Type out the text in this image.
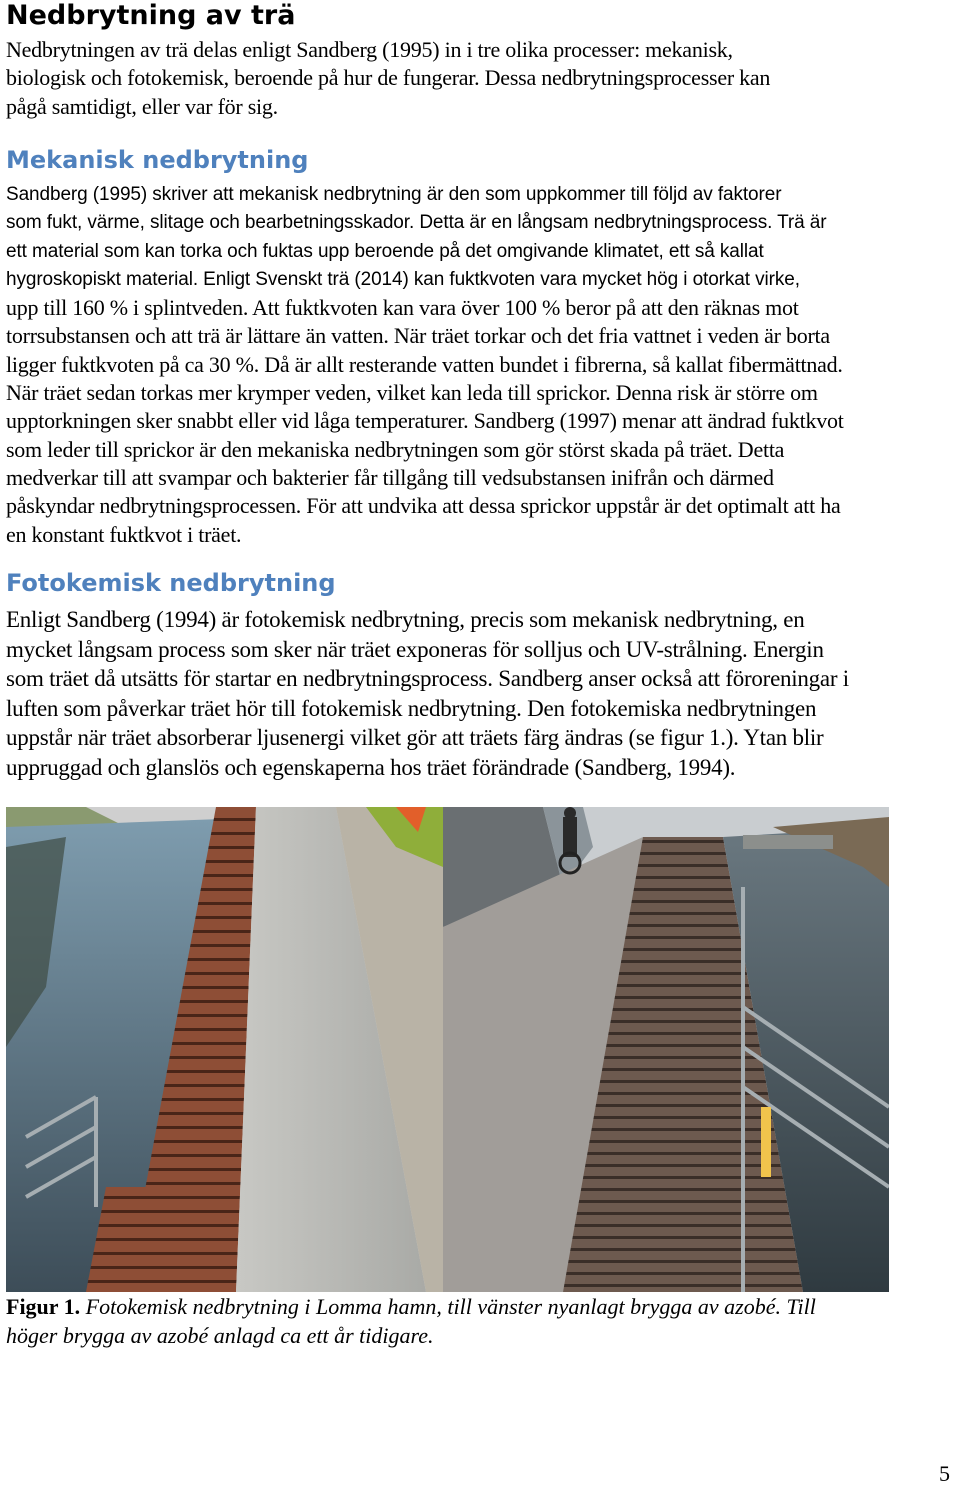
Nedbrytning av trä
Nedbrytningen av trä delas enligt Sandberg (1995) in i tre olika processer: mekanisk,
biologisk och fotokemisk, beroende på hur de fungerar. Dessa nedbrytningsprocesser kan
pågå samtidigt, eller var för sig.
Mekanisk nedbrytning
Sandberg (1995) skriver att mekanisk nedbrytning är den som uppkommer till följd av faktorer
som fukt, värme, slitage och bearbetningsskador. Detta är en långsam nedbrytningsprocess. Trä är
ett material som kan torka och fuktas upp beroende på det omgivande klimatet, ett så kallat
hygroskopiskt material. Enligt Svenskt trä (2014) kan fuktkvoten vara mycket hög i otorkat virke,
upp till 160 % i splintveden. Att fuktkvoten kan vara över 100 % beror på att den räknas mot
torrsubstansen och att trä är lättare än vatten. När träet torkar och det fria vattnet i veden är borta
ligger fuktkvoten på ca 30 %. Då är allt resterande vatten bundet i fibrerna, så kallat fibermättnad.
När träet sedan torkas mer krymper veden, vilket kan leda till sprickor. Denna risk är större om
upptorkningen sker snabbt eller vid låga temperaturer. Sandberg (1997) menar att ändrad fuktkvot
som leder till sprickor är den mekaniska nedbrytningen som gör störst skada på träet. Detta
medverkar till att svampar och bakterier får tillgång till vedsubstansen inifrån och därmed
påskyndar nedbrytningsprocessen. För att undvika att dessa sprickor uppstår är det optimalt att ha
en konstant fuktkvot i träet.
Fotokemisk nedbrytning
Enligt Sandberg (1994) är fotokemisk nedbrytning, precis som mekanisk nedbrytning, en
mycket långsam process som sker när träet exponeras för solljus och UV-strålning. Energin
som träet då utsätts för startar en nedbrytningsprocess. Sandberg anser också att föroreningar i
luften som påverkar träet hör till fotokemisk nedbrytning. Den fotokemiska nedbrytningen
uppstår när träet absorberar ljusenergi vilket gör att träets färg ändras (se figur 1.). Ytan blir
uppruggad och glanslös och egenskaperna hos träet förändrade (Sandberg, 1994).

Figur 1. Fotokemisk nedbrytning i Lomma hamn, till vänster nyanlagt brygga av azobé. Till
höger brygga av azobé anlagd ca ett år tidigare.

5
